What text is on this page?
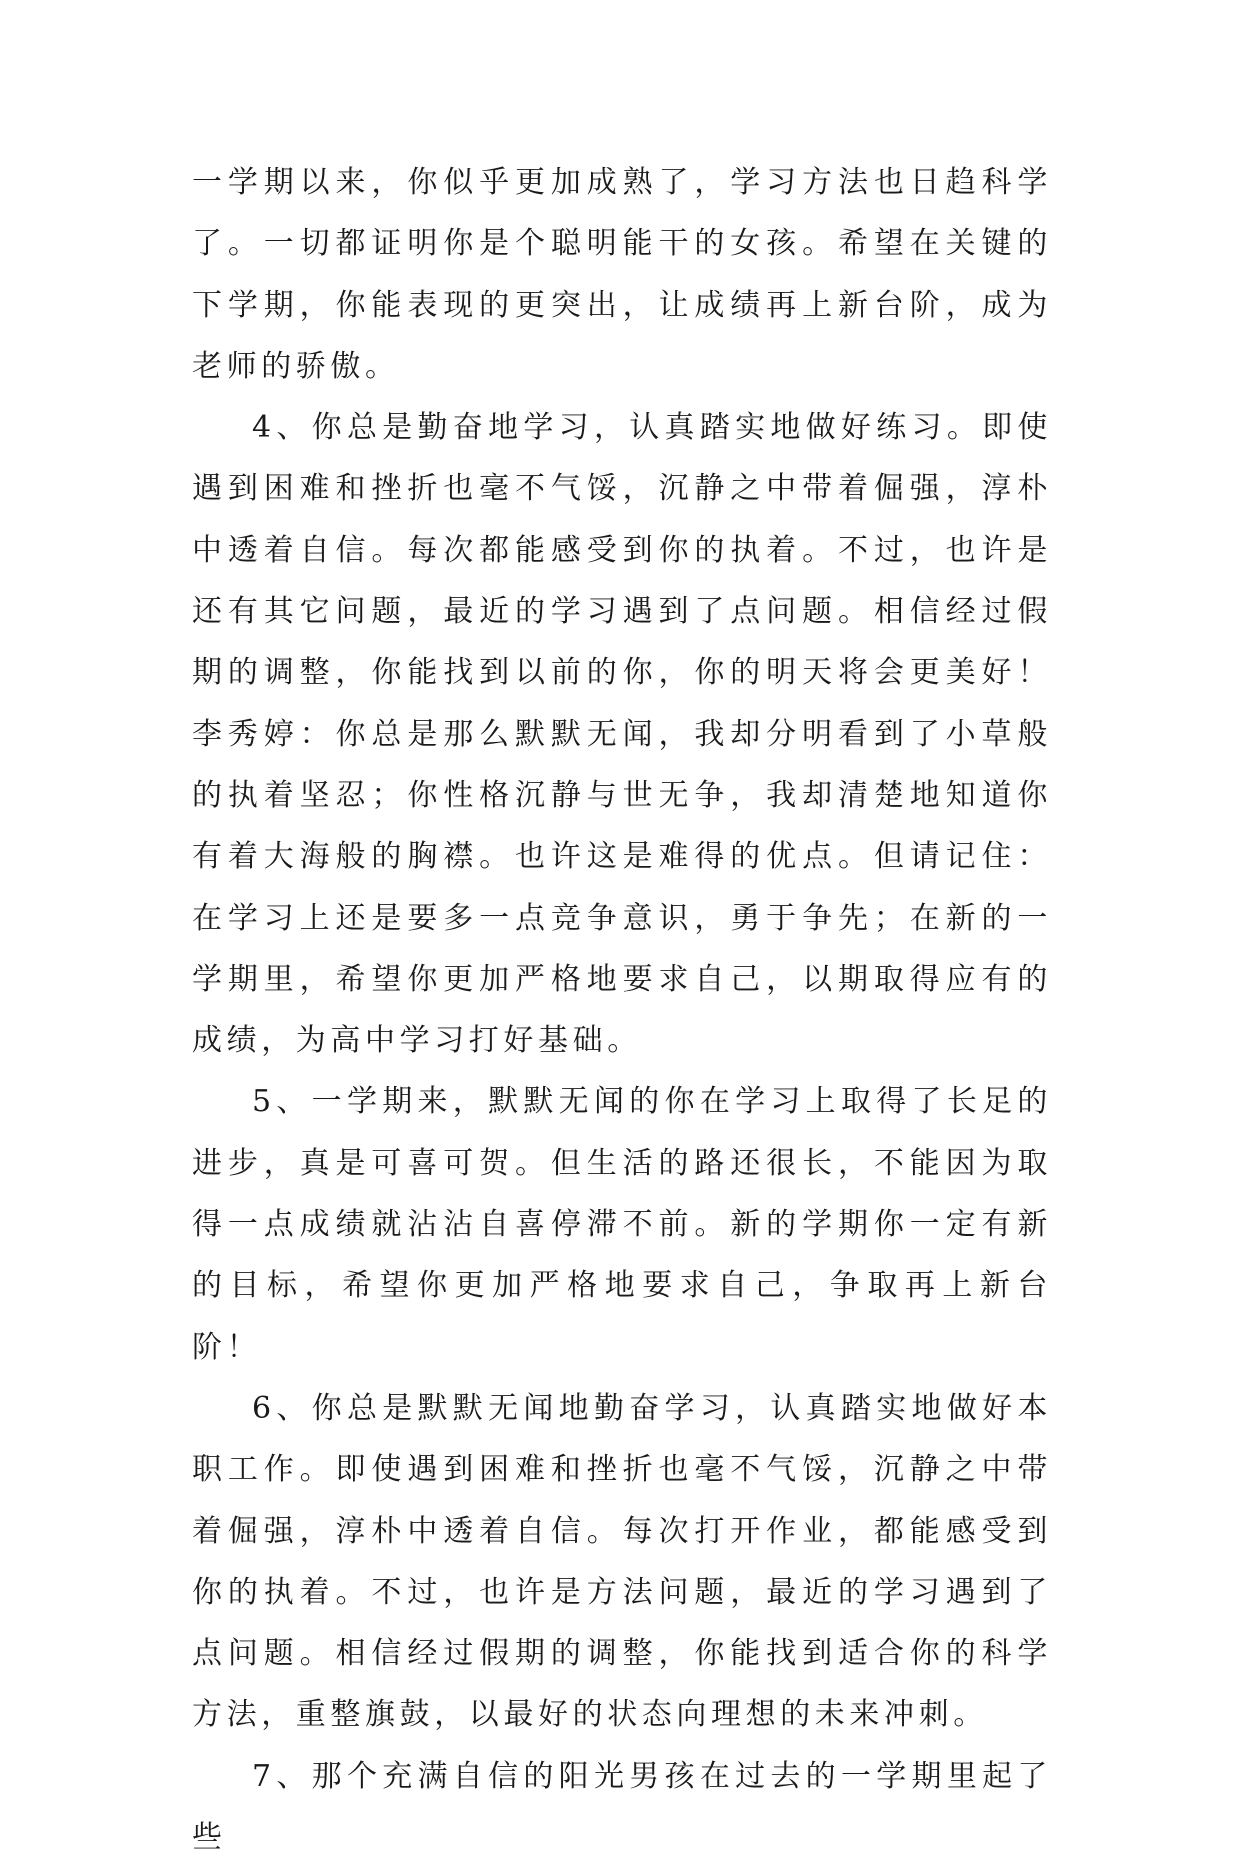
一学期以来，你似乎更加成熟了，学习方法也日趋科学了。一切都证明你是个聪明能干的女孩。希望在关键的下学期，你能表现的更突出，让成绩再上新台阶，成为老师的骄傲。

4、你总是勤奋地学习，认真踏实地做好练习。即使遇到困难和挫折也毫不气馁，沉静之中带着倔强，淳朴中透着自信。每次都能感受到你的执着。不过，也许是还有其它问题，最近的学习遇到了点问题。相信经过假期的调整，你能找到以前的你，你的明天将会更美好！李秀婷：你总是那么默默无闻，我却分明看到了小草般的执着坚忍；你性格沉静与世无争，我却清楚地知道你有着大海般的胸襟。也许这是难得的优点。但请记住：在学习上还是要多一点竞争意识，勇于争先；在新的一学期里，希望你更加严格地要求自己，以期取得应有的成绩，为高中学习打好基础。

5、一学期来，默默无闻的你在学习上取得了长足的进步，真是可喜可贺。但生活的路还很长，不能因为取得一点成绩就沾沾自喜停滞不前。新的学期你一定有新的目标，希望你更加严格地要求自己，争取再上新台阶！

6、你总是默默无闻地勤奋学习，认真踏实地做好本职工作。即使遇到困难和挫折也毫不气馁，沉静之中带着倔强，淳朴中透着自信。每次打开作业，都能感受到你的执着。不过，也许是方法问题，最近的学习遇到了点问题。相信经过假期的调整，你能找到适合你的科学方法，重整旗鼓，以最好的状态向理想的未来冲刺。

7、那个充满自信的阳光男孩在过去的一学期里起了些
